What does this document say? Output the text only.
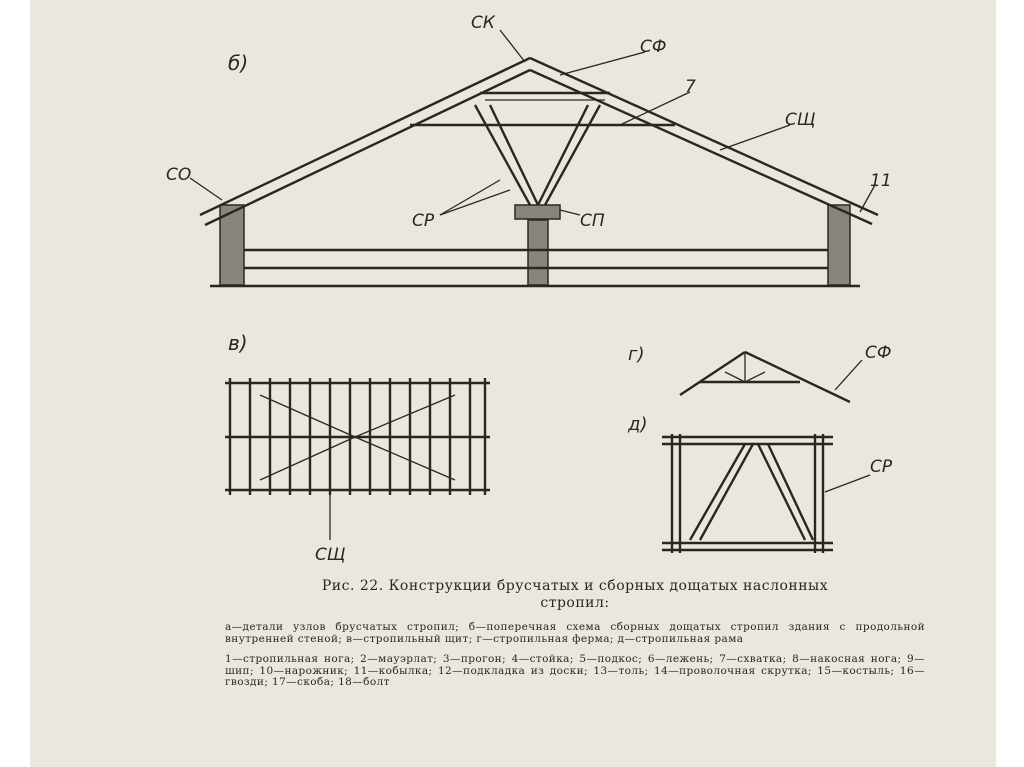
б)
в)	г)
д)
СК
СФ
7
СЩ
СО	11
СР	СП
СЩ
СФ
СР

Рис. 22. Конструкции брусчатых и сборных дощатых наслонных

стропил:

а—детали узлов брусчатых стропил; б—поперечная схема сборных дощатых стропил здания с продольной внутренней стеной; в—стропильный щит; г—стропильная ферма; д—стропильная рама

1—стропильная нога; 2—мауэрлат; 3—прогон; 4—стойка; 5—подкос; 6—лежень; 7—схватка; 8—накосная нога; 9—шип; 10—нарожник; 11—кобылка; 12—подкладка из доски; 13—толь; 14—проволочная скрутка; 15—костыль; 16—гвозди; 17—скоба; 18—болт
